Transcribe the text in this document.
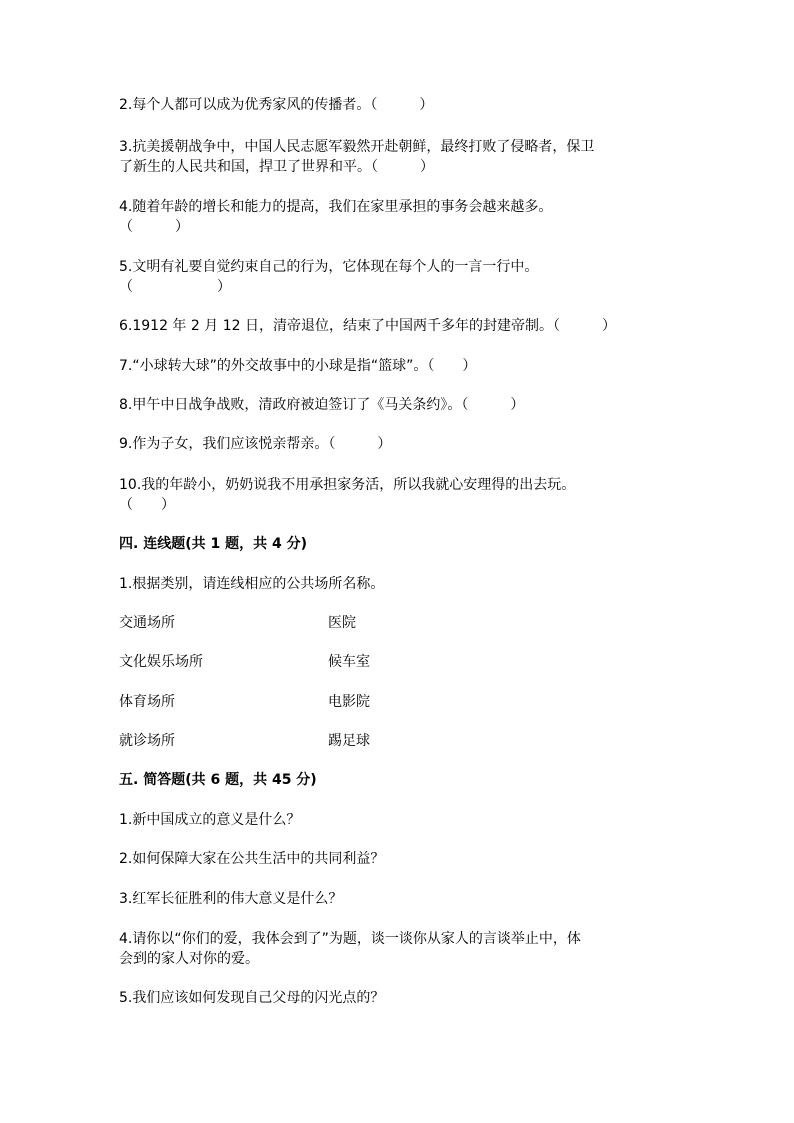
2.每个人都可以成为优秀家风的传播者。（　　　）

3.抗美援朝战争中，中国人民志愿军毅然开赴朝鲜，最终打败了侵略者，保卫

了新生的人民共和国，捍卫了世界和平。（　　　）

4.随着年龄的增长和能力的提高，我们在家里承担的事务会越来越多。

（　　　）

5.文明有礼要自觉约束自己的行为，它体现在每个人的一言一行中。

（　　　　　　）

6.1912 年 2 月 12 日，清帝退位，结束了中国两千多年的封建帝制。（　　　）

7.“小球转大球”的外交故事中的小球是指“篮球”。（　　）

8.甲午中日战争战败，清政府被迫签订了《马关条约》。（　　　）

9.作为子女，我们应该悦亲帮亲。（　　　）

10.我的年龄小，奶奶说我不用承担家务活，所以我就心安理得的出去玩。

（　　）

四. 连线题(共 1 题，共 4 分)

1.根据类别，请连线相应的公共场所名称。

交通场所	医院
文化娱乐场所	候车室
体育场所	电影院
就诊场所	踢足球

五. 简答题(共 6 题，共 45 分)

1.新中国成立的意义是什么？

2.如何保障大家在公共生活中的共同利益？

3.红军长征胜利的伟大意义是什么？

4.请你以“你们的爱，我体会到了”为题，谈一谈你从家人的言谈举止中，体

会到的家人对你的爱。

5.我们应该如何发现自己父母的闪光点的？
